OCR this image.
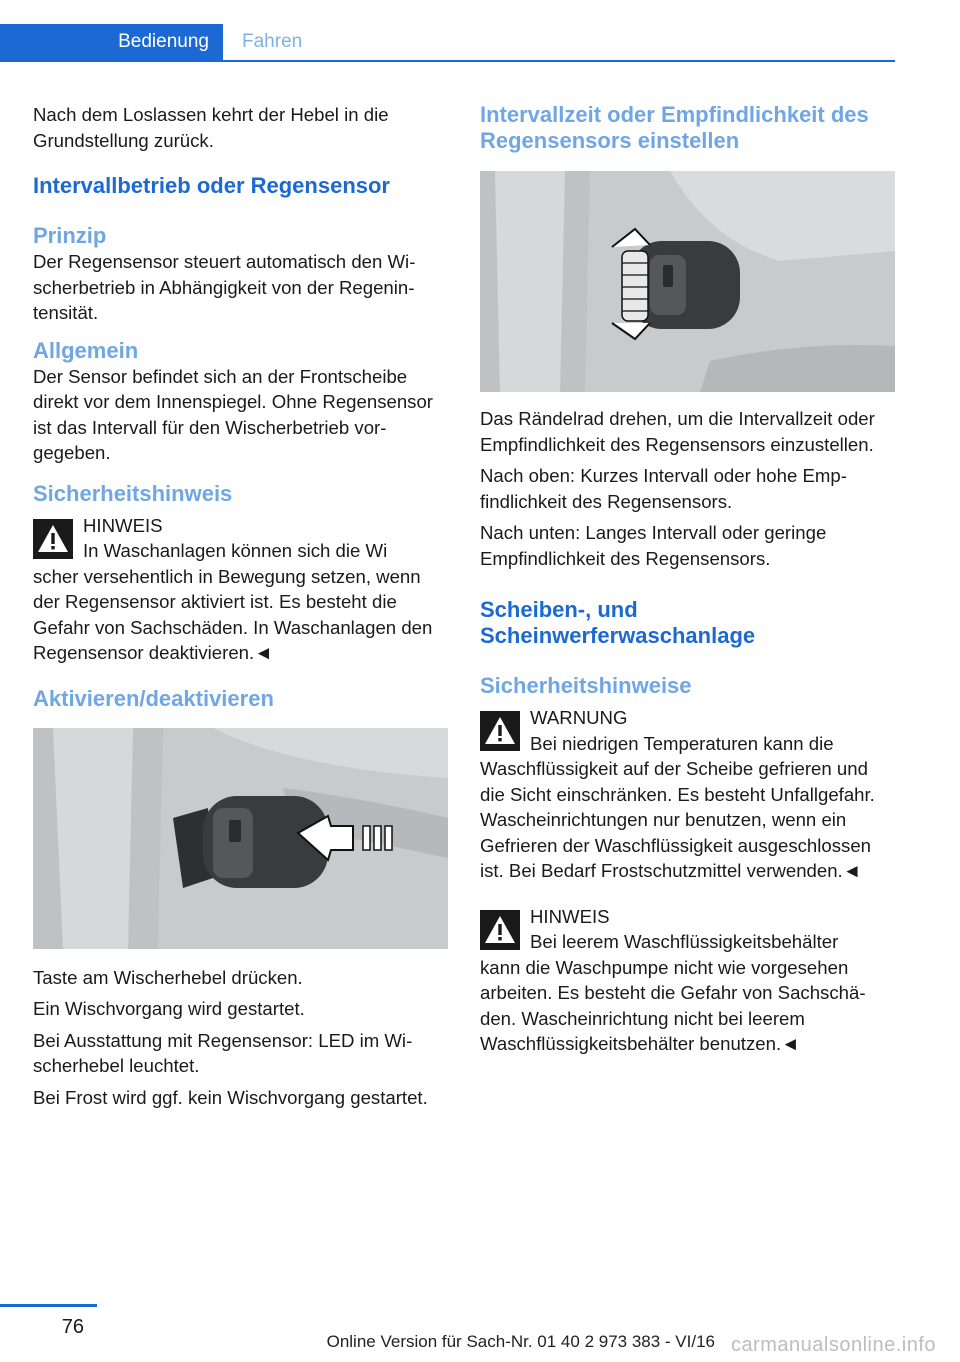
Bedienung	Fahren

Nach dem Loslassen kehrt der Hebel in die Grundstellung zurück.

Intervallbetrieb oder Regensensor
Prinzip

Der Regensensor steuert automatisch den Wischerbetrieb in Abhängigkeit von der Regenintensität.

Allgemein

Der Sensor befindet sich an der Frontscheibe direkt vor dem Innenspiegel. Ohne Regensensor ist das Intervall für den Wischerbetrieb vorgegeben.

Sicherheitshinweis

HINWEIS

In Waschanlagen können sich die Wi

scher versehentlich in Bewegung setzen, wenn der Regensensor aktiviert ist. Es besteht die Gefahr von Sachschäden. In Waschanlagen den Regensensor deaktivieren.◄

Aktivieren/deaktivieren

Taste am Wischerhebel drücken.

Ein Wischvorgang wird gestartet.

Bei Ausstattung mit Regensensor: LED im Wischerhebel leuchtet.

Bei Frost wird ggf. kein Wischvorgang gestartet.

Intervallzeit oder Empfindlichkeit des Regensensors einstellen

Das Rändelrad drehen, um die Intervallzeit oder Empfindlichkeit des Regensensors einzustellen.

Nach oben: Kurzes Intervall oder hohe Empfindlichkeit des Regensensors.

Nach unten: Langes Intervall oder geringe Empfindlichkeit des Regensensors.

Scheiben-, und Scheinwerferwaschanlage
Sicherheitshinweise

WARNUNG

Bei niedrigen Temperaturen kann die

Waschflüssigkeit auf der Scheibe gefrieren und die Sicht einschränken. Es besteht Unfallgefahr. Wascheinrichtungen nur benutzen, wenn ein Gefrieren der Waschflüssigkeit ausgeschlossen ist. Bei Bedarf Frostschutzmittel verwenden.◄

HINWEIS

Bei leerem Waschflüssigkeitsbehälter

kann die Waschpumpe nicht wie vorgesehen arbeiten. Es besteht die Gefahr von Sachschäden. Wascheinrichtung nicht bei leerem Waschflüssigkeitsbehälter benutzen.◄

76
Online Version für Sach-Nr. 01 40 2 973 383 - VI/16 carmanualsonline.info
